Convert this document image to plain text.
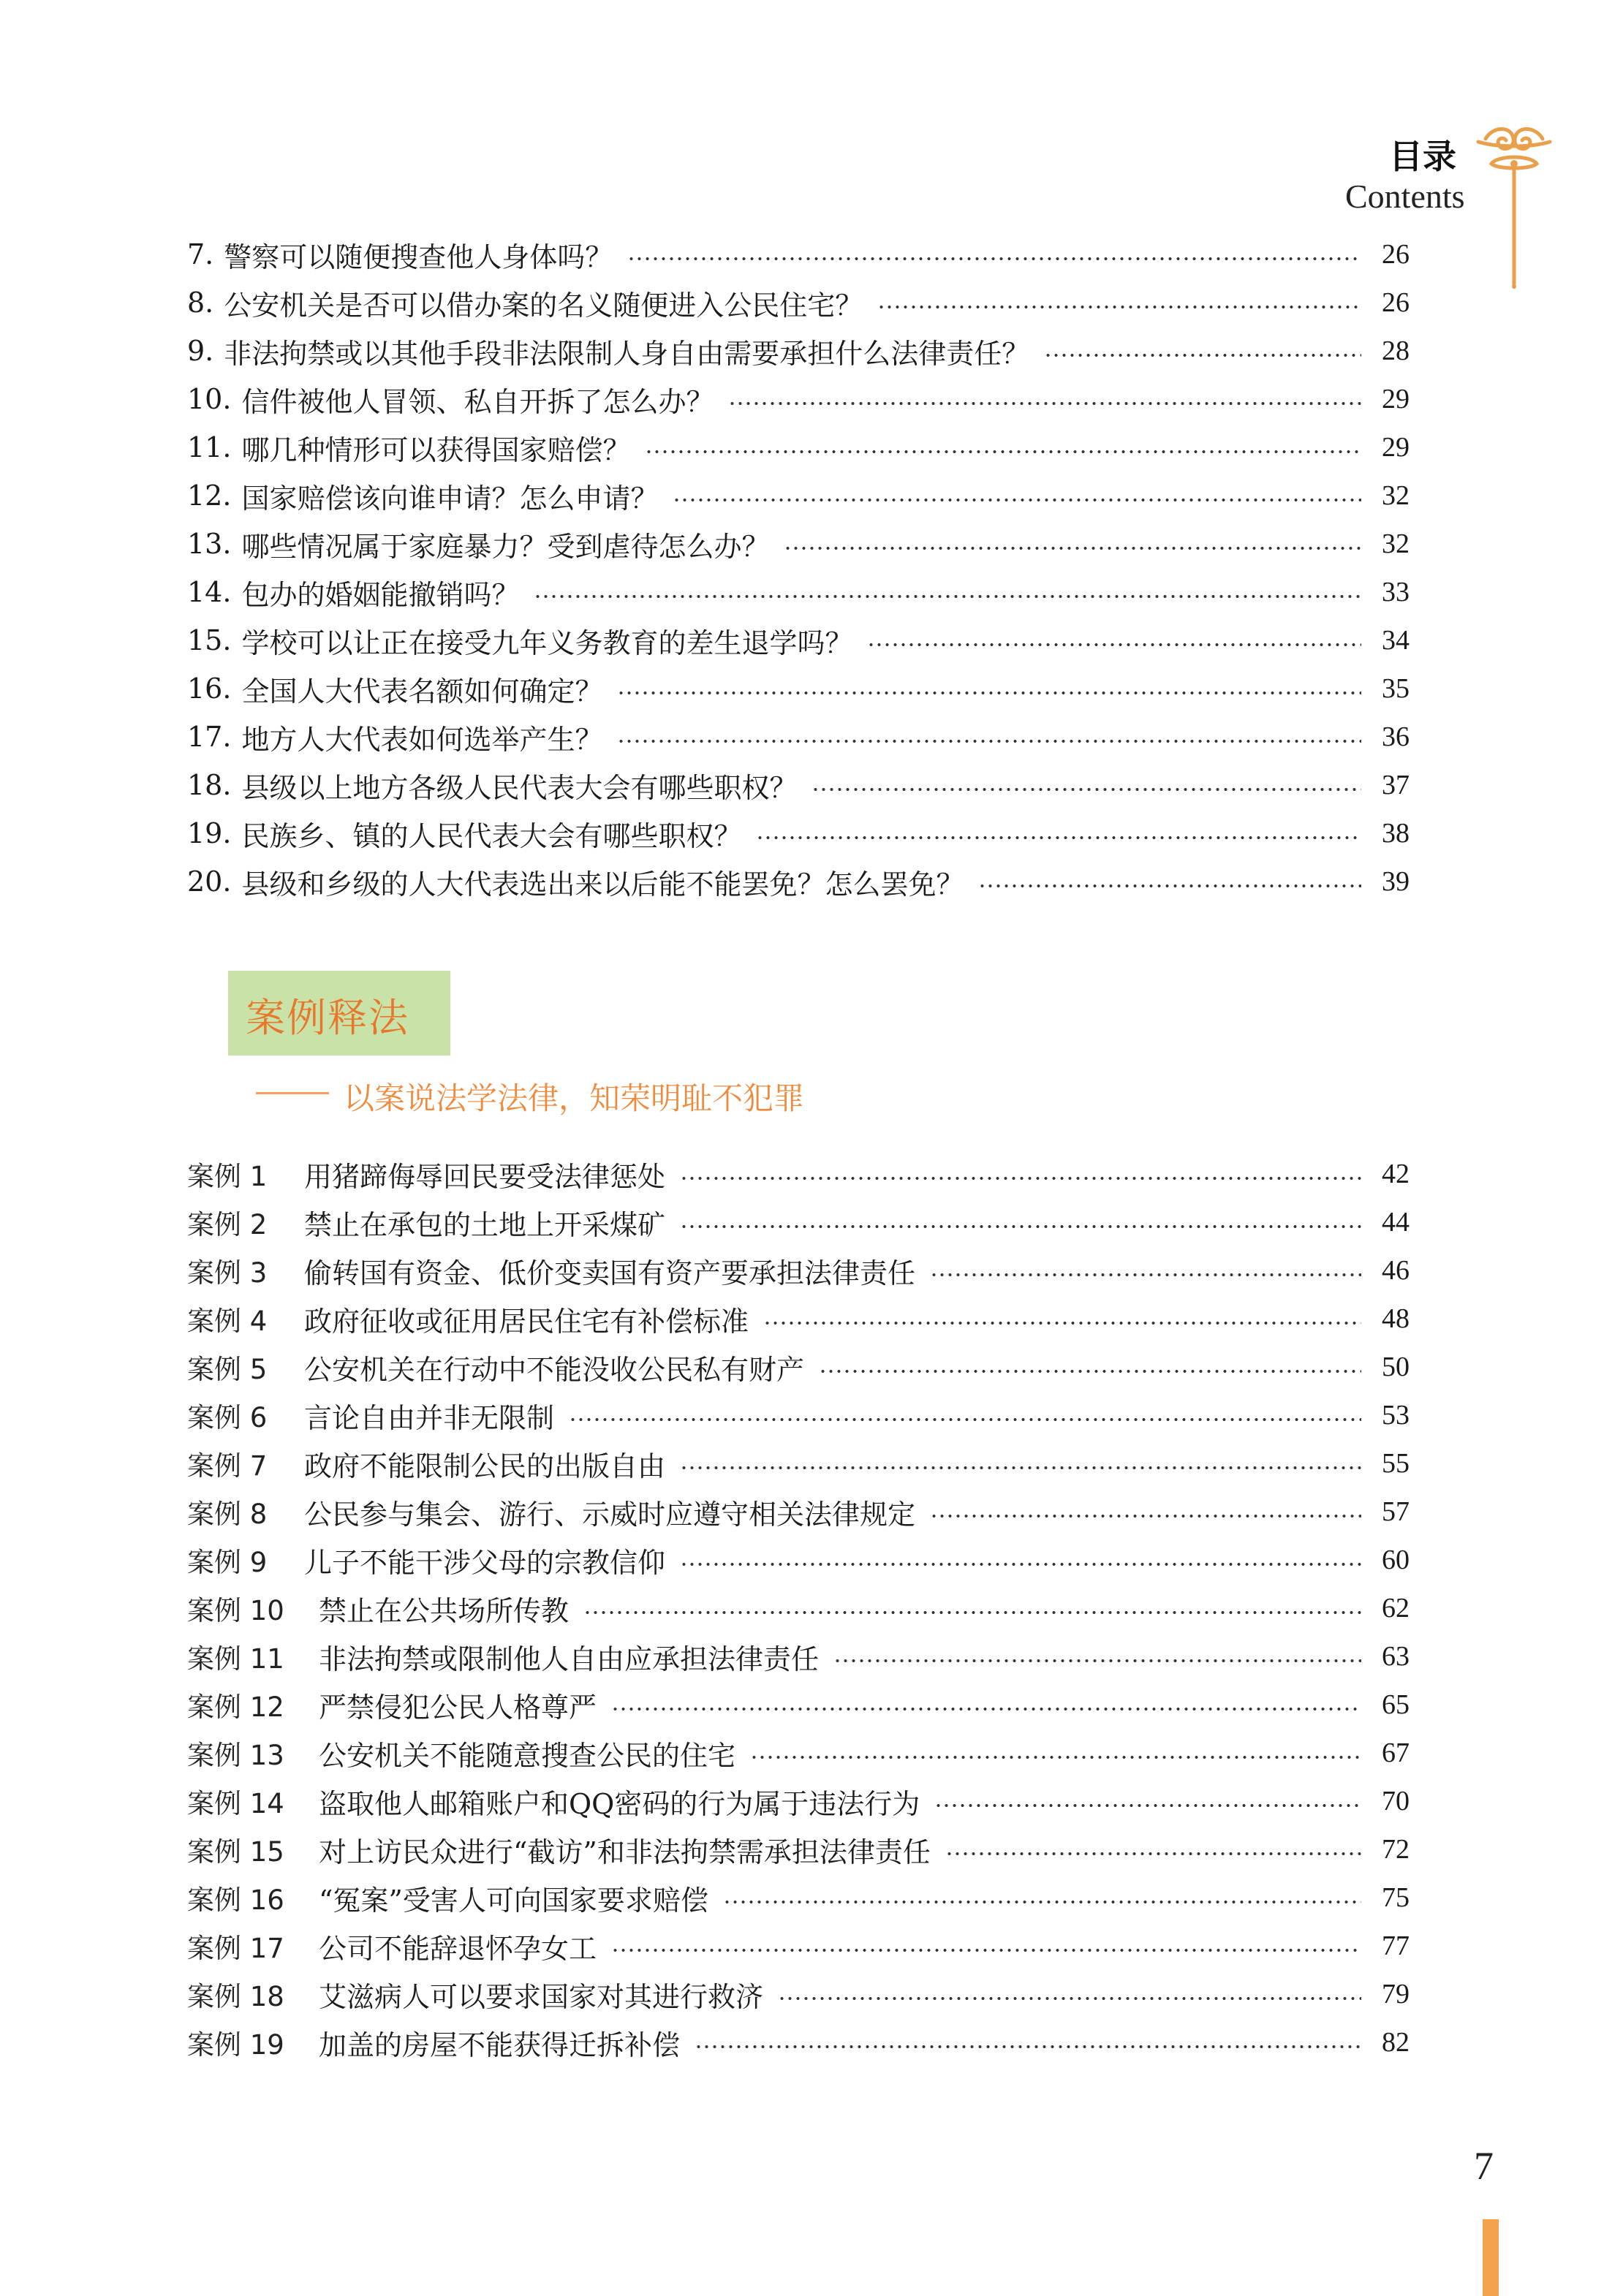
目录
Contents
7. 警察可以随便搜查他人身体吗？	26
8. 公安机关是否可以借办案的名义随便进入公民住宅？	26
9. 非法拘禁或以其他手段非法限制人身自由需要承担什么法律责任？	28
10. 信件被他人冒领、私自开拆了怎么办？	29
11. 哪几种情形可以获得国家赔偿？	29
12. 国家赔偿该向谁申请？怎么申请？	32
13. 哪些情况属于家庭暴力？受到虐待怎么办？	32
14. 包办的婚姻能撤销吗？	33
15. 学校可以让正在接受九年义务教育的差生退学吗？	34
16. 全国人大代表名额如何确定？	35
17. 地方人大代表如何选举产生？	36
18. 县级以上地方各级人民代表大会有哪些职权？	37
19. 民族乡、镇的人民代表大会有哪些职权？	38
20. 县级和乡级的人大代表选出来以后能不能罢免？怎么罢免？	39
案例释法
以案说法学法律，知荣明耻不犯罪
案例 1	用猪蹄侮辱回民要受法律惩处	42
案例 2	禁止在承包的土地上开采煤矿	44
案例 3	偷转国有资金、低价变卖国有资产要承担法律责任	46
案例 4	政府征收或征用居民住宅有补偿标准	48
案例 5	公安机关在行动中不能没收公民私有财产	50
案例 6	言论自由并非无限制	53
案例 7	政府不能限制公民的出版自由	55
案例 8	公民参与集会、游行、示威时应遵守相关法律规定	57
案例 9	儿子不能干涉父母的宗教信仰	60
案例 10	禁止在公共场所传教	62
案例 11	非法拘禁或限制他人自由应承担法律责任	63
案例 12	严禁侵犯公民人格尊严	65
案例 13	公安机关不能随意搜查公民的住宅	67
案例 14	盗取他人邮箱账户和QQ密码的行为属于违法行为	70
案例 15	对上访民众进行“截访”和非法拘禁需承担法律责任	72
案例 16	“冤案”受害人可向国家要求赔偿	75
案例 17	公司不能辞退怀孕女工	77
案例 18	艾滋病人可以要求国家对其进行救济	79
案例 19	加盖的房屋不能获得迁拆补偿	82
7
